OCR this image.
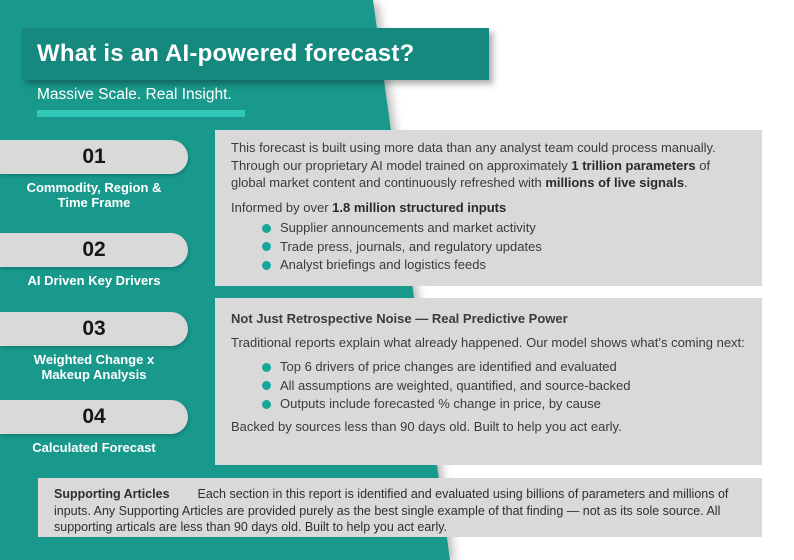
What is an AI-powered forecast?
Massive Scale. Real Insight.
01
Commodity, Region & Time Frame
02
AI Driven Key Drivers
03
Weighted Change x Makeup Analysis
04
Calculated Forecast

This forecast is built using more data than any analyst team could process manually. Through our proprietary AI model trained on approximately 1 trillion parameters of global market content and continuously refreshed with millions of live signals.

Informed by over 1.8 million structured inputs

Supplier announcements and market activity
Trade press, journals, and regulatory updates
Analyst briefings and logistics feeds
Not Just Retrospective Noise — Real Predictive Power

Traditional reports explain what already happened. Our model shows what’s coming next:

Top 6 drivers of price changes are identified and evaluated
All assumptions are weighted, quantified, and source-backed
Outputs include forecasted % change in price, by cause

Backed by sources less than 90 days old. Built to help you act early.

Supporting Articles Each section in this report is identified and evaluated using billions of parameters and millions of inputs. Any Supporting Articles are provided purely as the best single example of that finding — not as its sole source. All supporting articals are less than 90 days old. Built to help you act early.
